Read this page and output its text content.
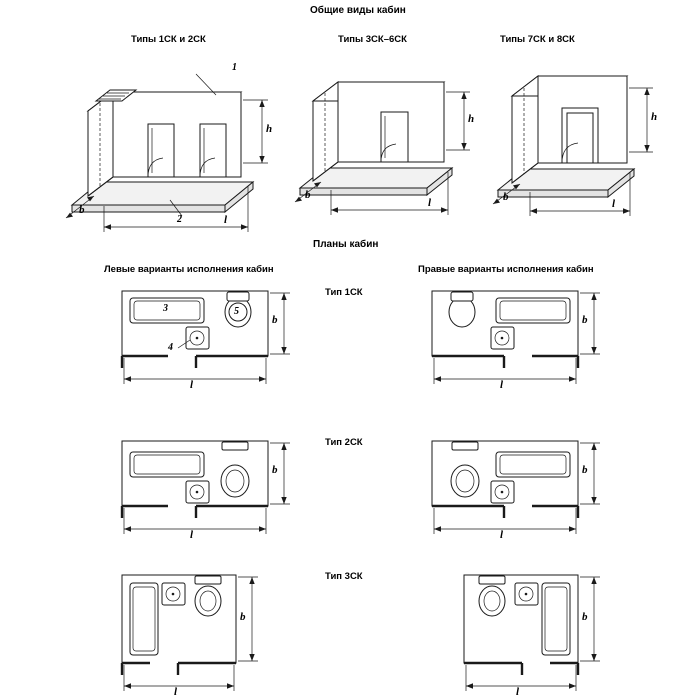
Общие виды кабин
Типы 1СК и 2СК	Типы 3СК–6СК	Типы 7СК и 8СК
Планы кабин
Левые варианты исполнения кабин	Правые варианты исполнения кабин
Тип 1СК
Тип 2СК
Тип 3СК
h
b
l
h
b
l
h
b
l
b
l
b
l
b
l
b
l
b
l
b
l
1
2
3
4
5
